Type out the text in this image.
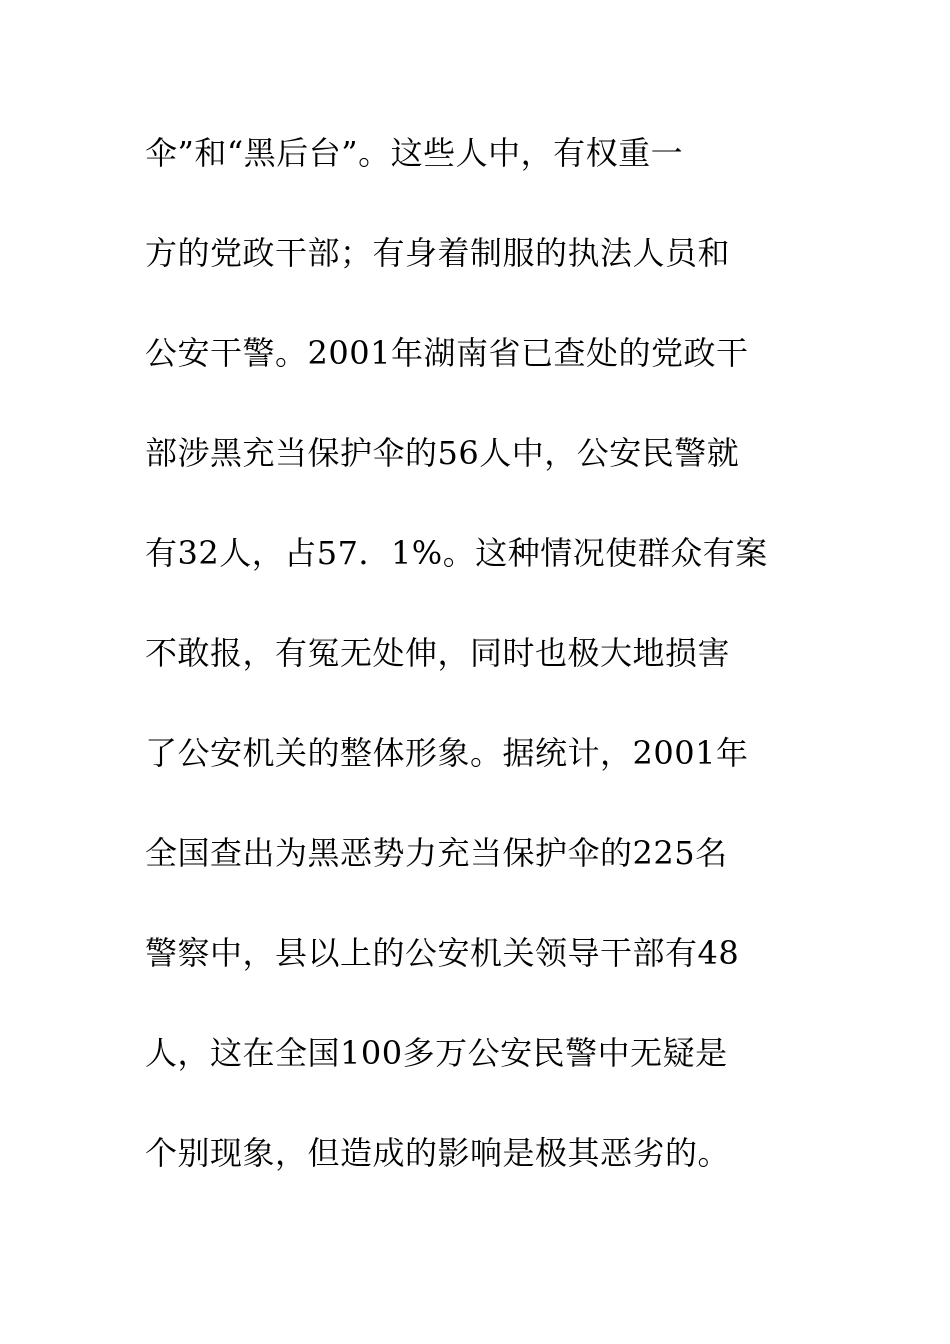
伞”和“黑后台”。这些人中，有权重一
方的党政干部；有身着制服的执法人员和
公安干警。2001年湖南省已查处的党政干
部涉黑充当保护伞的56人中，公安民警就
有32人，占57．1%。这种情况使群众有案
不敢报，有冤无处伸，同时也极大地损害
了公安机关的整体形象。据统计，2001年
全国查出为黑恶势力充当保护伞的225名
警察中，县以上的公安机关领导干部有48
人，这在全国100多万公安民警中无疑是
个别现象，但造成的影响是极其恶劣的。
